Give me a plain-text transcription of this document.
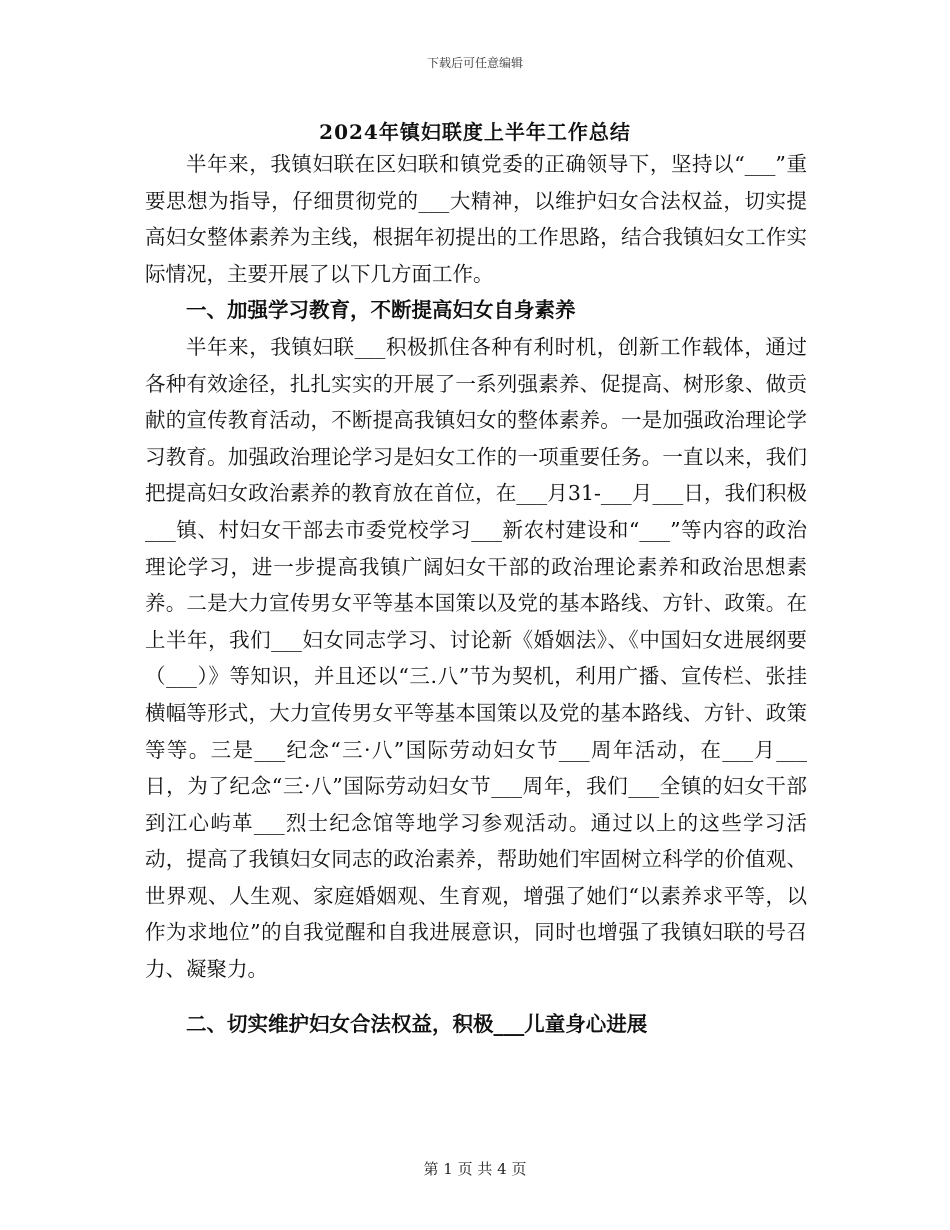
下载后可任意编辑
2024年镇妇联度上半年工作总结

半年来，我镇妇联在区妇联和镇党委的正确领导下，坚持以“___”重要思想为指导，仔细贯彻党的___大精神，以维护妇女合法权益，切实提高妇女整体素养为主线，根据年初提出的工作思路，结合我镇妇女工作实际情况，主要开展了以下几方面工作。

一、加强学习教育，不断提高妇女自身素养

半年来，我镇妇联___积极抓住各种有利时机，创新工作载体，通过各种有效途径，扎扎实实的开展了一系列强素养、促提高、树形象、做贡献的宣传教育活动，不断提高我镇妇女的整体素养。一是加强政治理论学习教育。加强政治理论学习是妇女工作的一项重要任务。一直以来，我们把提高妇女政治素养的教育放在首位，在___月31-___月___日，我们积极___镇、村妇女干部去市委党校学习___新农村建设和“___”等内容的政治理论学习，进一步提高我镇广阔妇女干部的政治理论素养和政治思想素养。二是大力宣传男女平等基本国策以及党的基本路线、方针、政策。在上半年，我们___妇女同志学习、讨论新《婚姻法》、《中国妇女进展纲要（___）》等知识，并且还以“三.八”节为契机，利用广播、宣传栏、张挂横幅等形式，大力宣传男女平等基本国策以及党的基本路线、方针、政策等等。三是___纪念“三·八”国际劳动妇女节___周年活动，在___月___日，为了纪念“三·八”国际劳动妇女节___周年，我们___全镇的妇女干部到江心屿革___烈士纪念馆等地学习参观活动。通过以上的这些学习活动，提高了我镇妇女同志的政治素养，帮助她们牢固树立科学的价值观、世界观、人生观、家庭婚姻观、生育观，增强了她们“以素养求平等，以作为求地位”的自我觉醒和自我进展意识，同时也增强了我镇妇联的号召力、凝聚力。

二、切实维护妇女合法权益，积极___儿童身心进展

第 1 页 共 4 页
